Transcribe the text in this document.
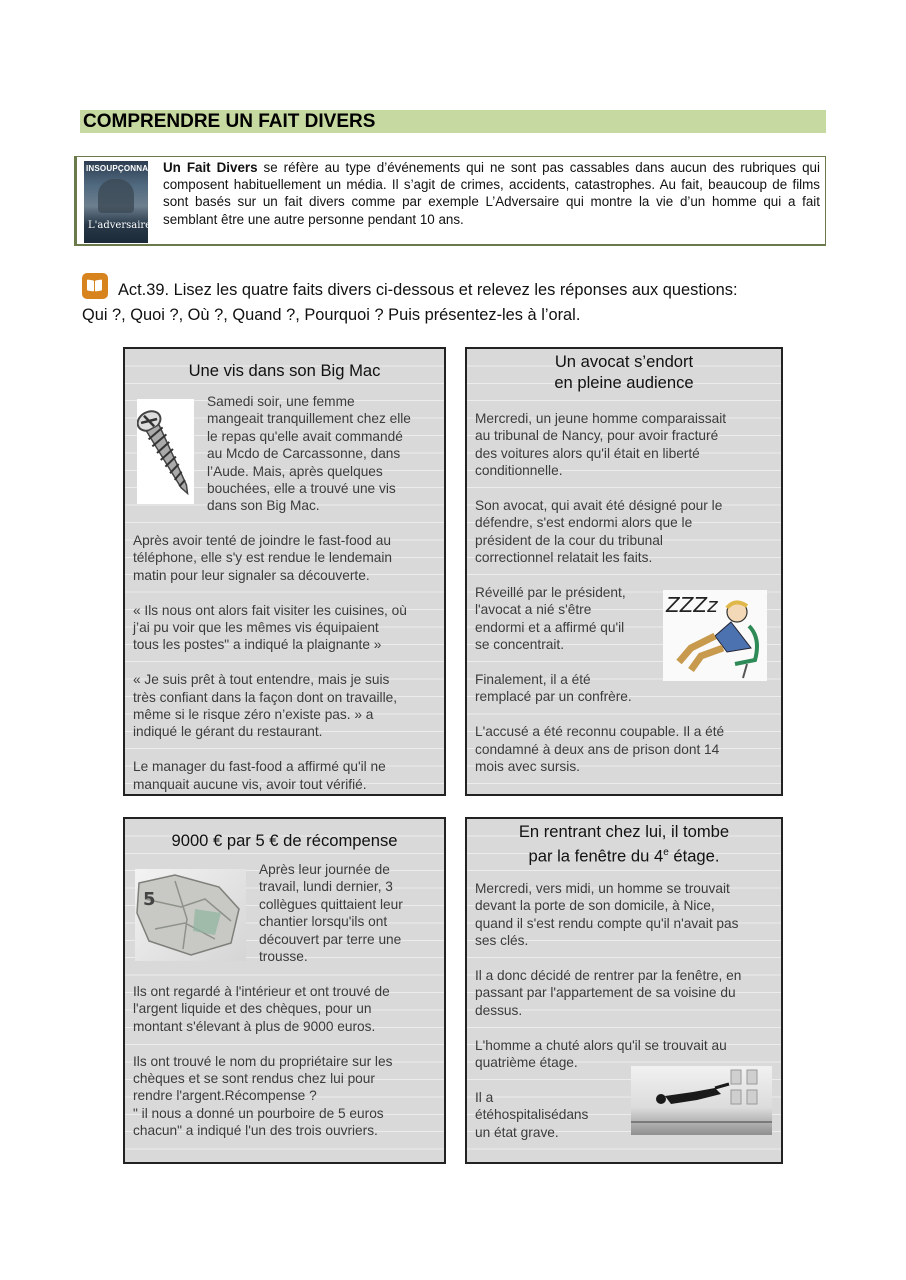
COMPRENDRE UN FAIT DIVERS
INSOUPÇONNABLE
L'adversaire
Un Fait Divers se réfère au type d’événements qui ne sont pas cassables dans aucun des rubriques qui composent habituellement un média. Il s’agit de crimes, accidents, catastrophes. Au fait, beaucoup de films sont basés sur un fait divers comme par exemple L’Adversaire qui montre la vie d’un homme qui a fait semblant être une autre personne pendant 10 ans.
Act.39. Lisez les quatre faits divers ci-dessous et relevez les réponses aux questions:
Qui ?, Quoi ?, Où ?, Quand ?, Pourquoi ? Puis présentez-les à l’oral.
Une vis dans son Big Mac

Samedi soir, une femme

mangeait tranquillement chez elle

le repas qu'elle avait commandé

au Mcdo de Carcassonne, dans

l’Aude. Mais, après quelques

bouchées, elle a trouvé une vis

dans son Big Mac.

Après avoir tenté de joindre le fast-food au

téléphone, elle s'y est rendue le lendemain

matin pour leur signaler sa découverte.

« Ils nous ont alors fait visiter les cuisines, où

j’ai pu voir que les mêmes vis équipaient

tous les postes" a indiqué la plaignante »

« Je suis prêt à tout entendre, mais je suis

très confiant dans la façon dont on travaille,

même si le risque zéro n’existe pas. » a

indiqué le gérant du restaurant.

Le manager du fast-food a affirmé qu'il ne

manquait aucune vis, avoir tout vérifié.

Un avocat s’endort
en pleine audience

Mercredi, un jeune homme comparaissait

au tribunal de Nancy, pour avoir fracturé

des voitures alors qu'il était en liberté

conditionnelle.

Son avocat, qui avait été désigné pour le

défendre, s'est endormi alors que le

président de la cour du tribunal

correctionnel relatait les faits.

Réveillé par le président,

l'avocat a nié s'être

endormi et a affirmé qu'il

se concentrait.

Finalement, il a été

remplacé par un confrère.

L'accusé a été reconnu coupable. Il a été

condamné à deux ans de prison dont 14

mois avec sursis.

ZZZz
9000 € par 5 € de récompense
5

Après leur journée de

travail, lundi dernier, 3

collègues quittaient leur

chantier lorsqu'ils ont

découvert par terre une

trousse.

Ils ont regardé à l'intérieur et ont trouvé de

l'argent liquide et des chèques, pour un

montant s'élevant à plus de 9000 euros.

Ils ont trouvé le nom du propriétaire sur les

chèques et se sont rendus chez lui pour

rendre l'argent.Récompense ?

" il nous a donné un pourboire de 5 euros

chacun" a indiqué l'un des trois ouvriers.

En rentrant chez lui, il tombe
par la fenêtre du 4e étage.

Mercredi, vers midi, un homme se trouvait

devant la porte de son domicile, à Nice,

quand il s'est rendu compte qu'il n'avait pas

ses clés.

Il a donc décidé de rentrer par la fenêtre, en

passant par l'appartement de sa voisine du

dessus.

L'homme a chuté alors qu'il se trouvait au

quatrième étage.

Il a

étéhospitalisédans

un état grave.
